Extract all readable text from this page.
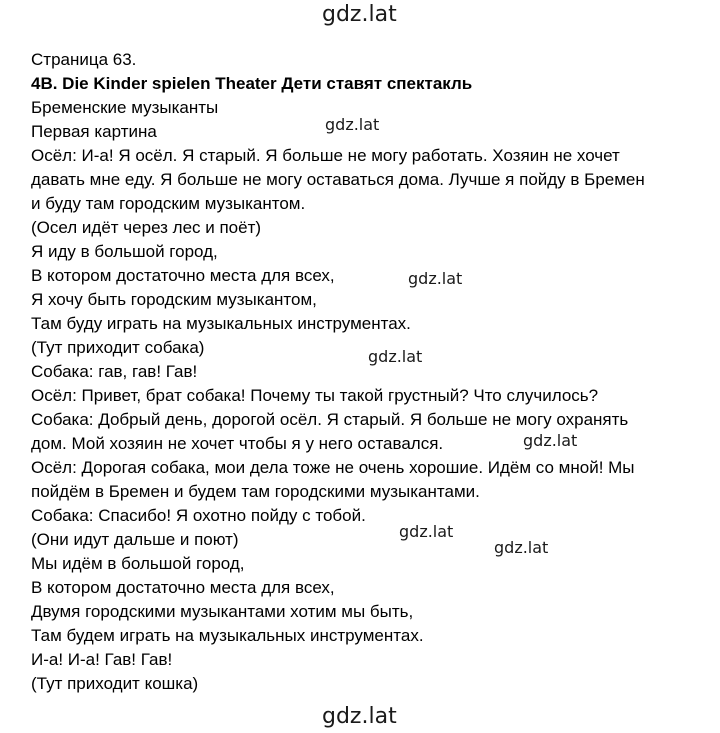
gdz.lat
gdz.lat
gdz.lat
gdz.lat
gdz.lat
gdz.lat
gdz.lat
gdz.lat
Страница 63.
4B. Die Kinder spielen Theater Дети ставят спектакль
Бременские музыканты
Первая картина
Осёл: И-а! Я осёл. Я старый. Я больше не могу работать. Хозяин не хочет
давать мне еду. Я больше не могу оставаться дома. Лучше я пойду в Бремен
и буду там городским музыкантом.
(Осел идёт через лес и поёт)
Я иду в большой город,
В котором достаточно места для всех,
Я хочу быть городским музыкантом,
Там буду играть на музыкальных инструментах.
(Тут приходит собака)
Собака: гав, гав! Гав!
Осёл: Привет, брат собака! Почему ты такой грустный? Что случилось?
Собака: Добрый день, дорогой осёл. Я старый. Я больше не могу охранять
дом. Мой хозяин не хочет чтобы я у него оставался.
Осёл: Дорогая собака, мои дела тоже не очень хорошие. Идём со мной! Мы
пойдём в Бремен и будем там городскими музыкантами.
Собака: Спасибо! Я охотно пойду с тобой.
(Они идут дальше и поют)
Мы идём в большой город,
В котором достаточно места для всех,
Двумя городскими музыкантами хотим мы быть,
Там будем играть на музыкальных инструментах.
И-а! И-а! Гав! Гав!
(Тут приходит кошка)
